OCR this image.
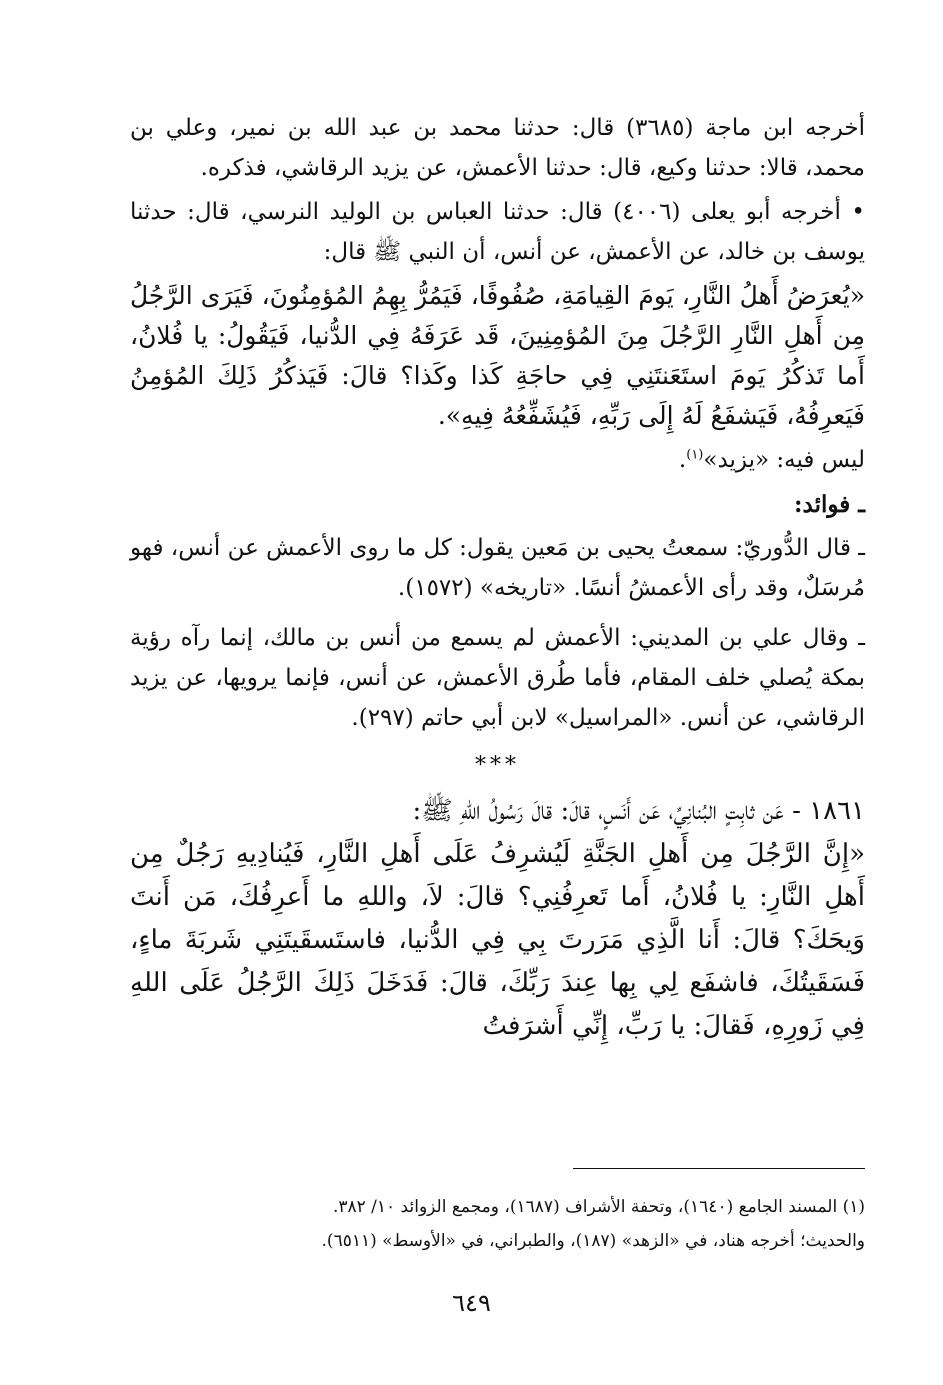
أخرجه ابن ماجة (٣٦٨٥) قال: حدثنا محمد بن عبد الله بن نمير، وعلي بن محمد، قالا: حدثنا وكيع، قال: حدثنا الأعمش، عن يزيد الرقاشي، فذكره.

• أخرجه أبو يعلى (٤٠٠٦) قال: حدثنا العباس بن الوليد النرسي، قال: حدثنا يوسف بن خالد، عن الأعمش، عن أنس، أن النبي ﷺ قال:

«يُعرَضُ أَهلُ النَّارِ، يَومَ القِيامَةِ، صُفُوفًا، فَيَمُرُّ بِهِمُ المُؤمِنُونَ، فَيَرَى الرَّجُلُ مِن أَهلِ النَّارِ الرَّجُلَ مِنَ المُؤمِنِينَ، قَد عَرَفَهُ فِي الدُّنيا، فَيَقُولُ: يا فُلانُ، أَما تَذكُرُ يَومَ استَعَنتَنِي فِي حاجَةِ كَذا وكَذا؟ قالَ: فَيَذكُرُ ذَلِكَ المُؤمِنُ فَيَعرِفُهُ، فَيَشفَعُ لَهُ إِلَى رَبِّهِ، فَيُشَفِّعُهُ فِيهِ».

ليس فيه: «يزيد»$^{(١)}$.

ـ فوائد:

ـ قال الدُّوريّ: سمعتُ يحيى بن مَعين يقول: كل ما روى الأعمش عن أنس، فهو مُرسَلٌ، وقد رأى الأعمشُ أنسًا. «تاريخه» (١٥٧٢).

ـ وقال علي بن المديني: الأعمش لم يسمع من أنس بن مالك، إنما رآه رؤية بمكة يُصلي خلف المقام، فأما طُرق الأعمش، عن أنس، فإنما يرويها، عن يزيد الرقاشي، عن أنس. «المراسيل» لابن أبي حاتم (٢٩٧).

***

١٨٦١ - عَن ثابِتٍ البُنانِيِّ، عَن أَنَسٍ، قالَ: قالَ رَسُولُ اللهِ ﷺ:

«إِنَّ الرَّجُلَ مِن أَهلِ الجَنَّةِ لَيُشرِفُ عَلَى أَهلِ النَّارِ، فَيُنادِيهِ رَجُلٌ مِن أَهلِ النَّارِ: يا فُلانُ، أَما تَعرِفُنِي؟ قالَ: لاَ، واللهِ ما أَعرِفُكَ، مَن أَنتَ وَيحَكَ؟ قالَ: أَنا الَّذِي مَرَرتَ بِي فِي الدُّنيا، فاستَسقَيتَنِي شَربَةَ ماءٍ، فَسَقَيتُكَ، فاشفَع لِي بِها عِندَ رَبِّكَ، قالَ: فَدَخَلَ ذَلِكَ الرَّجُلُ عَلَى اللهِ فِي زَورِهِ، فَقالَ: يا رَبِّ، إِنِّي أَشرَفتُ

(١) المسند الجامع (١٦٤٠)، وتحفة الأشراف (١٦٨٧)، ومجمع الزوائد ١٠/ ٣٨٢.

والحديث؛ أخرجه هناد، في «الزهد» (١٨٧)، والطبراني، في «الأوسط» (٦٥١١).

٦٤٩
